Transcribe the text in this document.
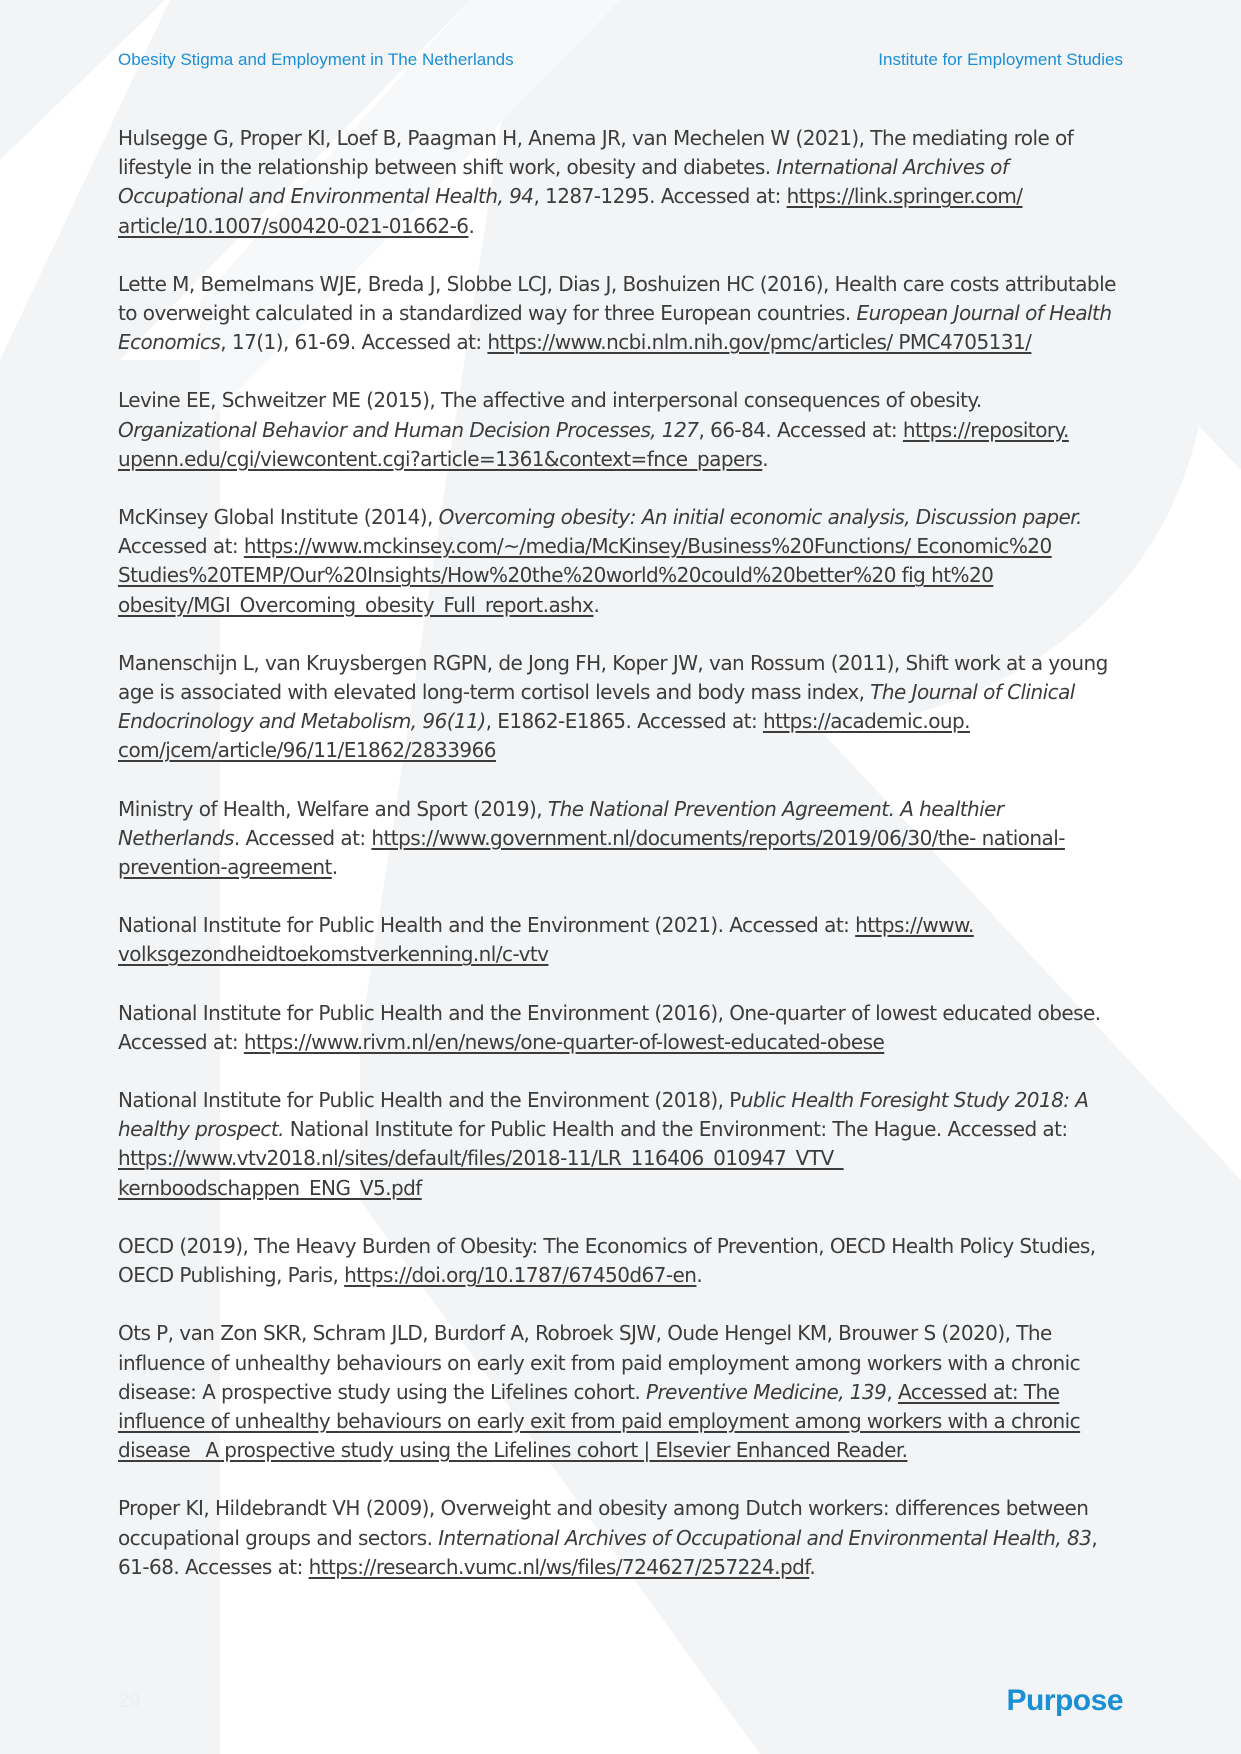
Obesity Stigma and Employment in The Netherlands	Institute for Employment Studies

Hulsegge G, Proper KI, Loef B, Paagman H, Anema JR, van Mechelen W (2021), The mediating role of lifestyle in the relationship between shift work, obesity and diabetes. International Archives of Occupational and Environmental Health, 94, 1287-1295. Accessed at: https://link.springer.com/ article/10.1007/s00420-021-01662-6.

Lette M, Bemelmans WJE, Breda J, Slobbe LCJ, Dias J, Boshuizen HC (2016), Health care costs attributable to overweight calculated in a standardized way for three European countries. European Journal of Health Economics, 17(1), 61-69. Accessed at: https://www.ncbi.nlm.nih.gov/pmc/articles/ PMC4705131/

Levine EE, Schweitzer ME (2015), The affective and interpersonal consequences of obesity. Organizational Behavior and Human Decision Processes, 127, 66-84. Accessed at: https://repository. upenn.edu/cgi/viewcontent.cgi?article=1361&context=fnce_papers.

McKinsey Global Institute (2014), Overcoming obesity: An initial economic analysis, Discussion paper. Accessed at: https://www.mckinsey.com/~/media/McKinsey/Business%20Functions/ Economic%20 Studies%20TEMP/Our%20Insights/How%20the%20world%20could%20better%20 fig ht%20 obesity/MGI_Overcoming_obesity_Full_report.ashx.

Manenschijn L, van Kruysbergen RGPN, de Jong FH, Koper JW, van Rossum (2011), Shift work at a young age is associated with elevated long-term cortisol levels and body mass index, The Journal of Clinical Endocrinology and Metabolism, 96(11), E1862-E1865. Accessed at: https://academic.oup. com/jcem/article/96/11/E1862/2833966

Ministry of Health, Welfare and Sport (2019), The National Prevention Agreement. A healthier Netherlands. Accessed at: https://www.government.nl/documents/reports/2019/06/30/the- national-prevention-agreement.

National Institute for Public Health and the Environment (2021). Accessed at: https://www. volksgezondheidtoekomstverkenning.nl/c-vtv

National Institute for Public Health and the Environment (2016), One-quarter of lowest educated obese. Accessed at: https://www.rivm.nl/en/news/one-quarter-of-lowest-educated-obese

National Institute for Public Health and the Environment (2018), Public Health Foresight Study 2018: A healthy prospect. National Institute for Public Health and the Environment: The Hague. Accessed at: https://www.vtv2018.nl/sites/default/files/2018-11/LR_116406_010947_VTV_ kernboodschappen_ENG_V5.pdf

OECD (2019), The Heavy Burden of Obesity: The Economics of Prevention, OECD Health Policy Studies, OECD Publishing, Paris, https://doi.org/10.1787/67450d67-en.

Ots P, van Zon SKR, Schram JLD, Burdorf A, Robroek SJW, Oude Hengel KM, Brouwer S (2020), The influence of unhealthy behaviours on early exit from paid employment among workers with a chronic disease: A prospective study using the Lifelines cohort. Preventive Medicine, 139, Accessed at: The influence of unhealthy behaviours on early exit from paid employment among workers with a chronic disease_ A prospective study using the Lifelines cohort | Elsevier Enhanced Reader.

Proper KI, Hildebrandt VH (2009), Overweight and obesity among Dutch workers: differences between occupational groups and sectors. International Archives of Occupational and Environmental Health, 83, 61-68. Accesses at: https://research.vumc.nl/ws/files/724627/257224.pdf.

29	Purpose
